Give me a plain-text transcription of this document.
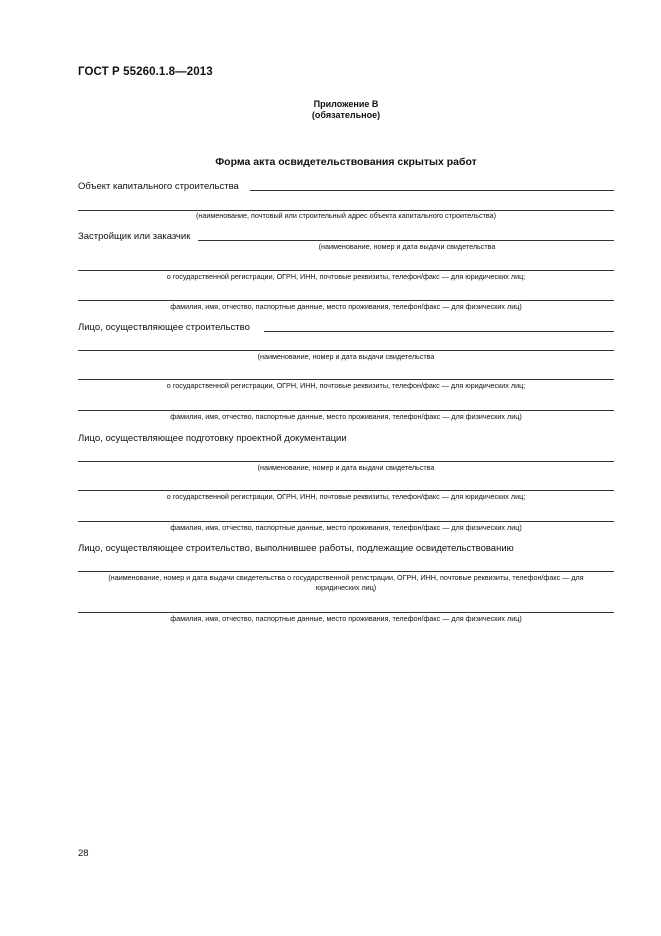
ГОСТ Р 55260.1.8—2013
Приложение В
(обязательное)
Форма акта освидетельствования скрытых работ
Объект капитального строительства
(наименование, почтовый или строительный адрес объекта капитального строительства)
Застройщик или заказчик
(наименование, номер и дата выдачи свидетельства
о государственной регистрации, ОГРН, ИНН, почтовые реквизиты, телефон/факс — для юридических лиц;
фамилия, имя, отчество, паспортные данные, место проживания, телефон/факс — для физических лиц)
Лицо, осуществляющее строительство
(наименование, номер и дата выдачи свидетельства
о государственной регистрации, ОГРН, ИНН, почтовые реквизиты, телефон/факс — для юридических лиц;
фамилия, имя, отчество, паспортные данные, место проживания, телефон/факс — для физических лиц)
Лицо, осуществляющее подготовку проектной документации
(наименование, номер и дата выдачи свидетельства
о государственной регистрации, ОГРН, ИНН, почтовые реквизиты, телефон/факс — для юридических лиц;
фамилия, имя, отчество, паспортные данные, место проживания, телефон/факс — для физических лиц)
Лицо, осуществляющее строительство, выполнившее работы, подлежащие освидетельствованию
(наименование, номер и дата выдачи свидетельства о государственной регистрации, ОГРН, ИНН, почтовые реквизиты, телефон/факс — для юридических лиц)
фамилия, имя, отчество, паспортные данные, место проживания, телефон/факс — для физических лиц)
28
